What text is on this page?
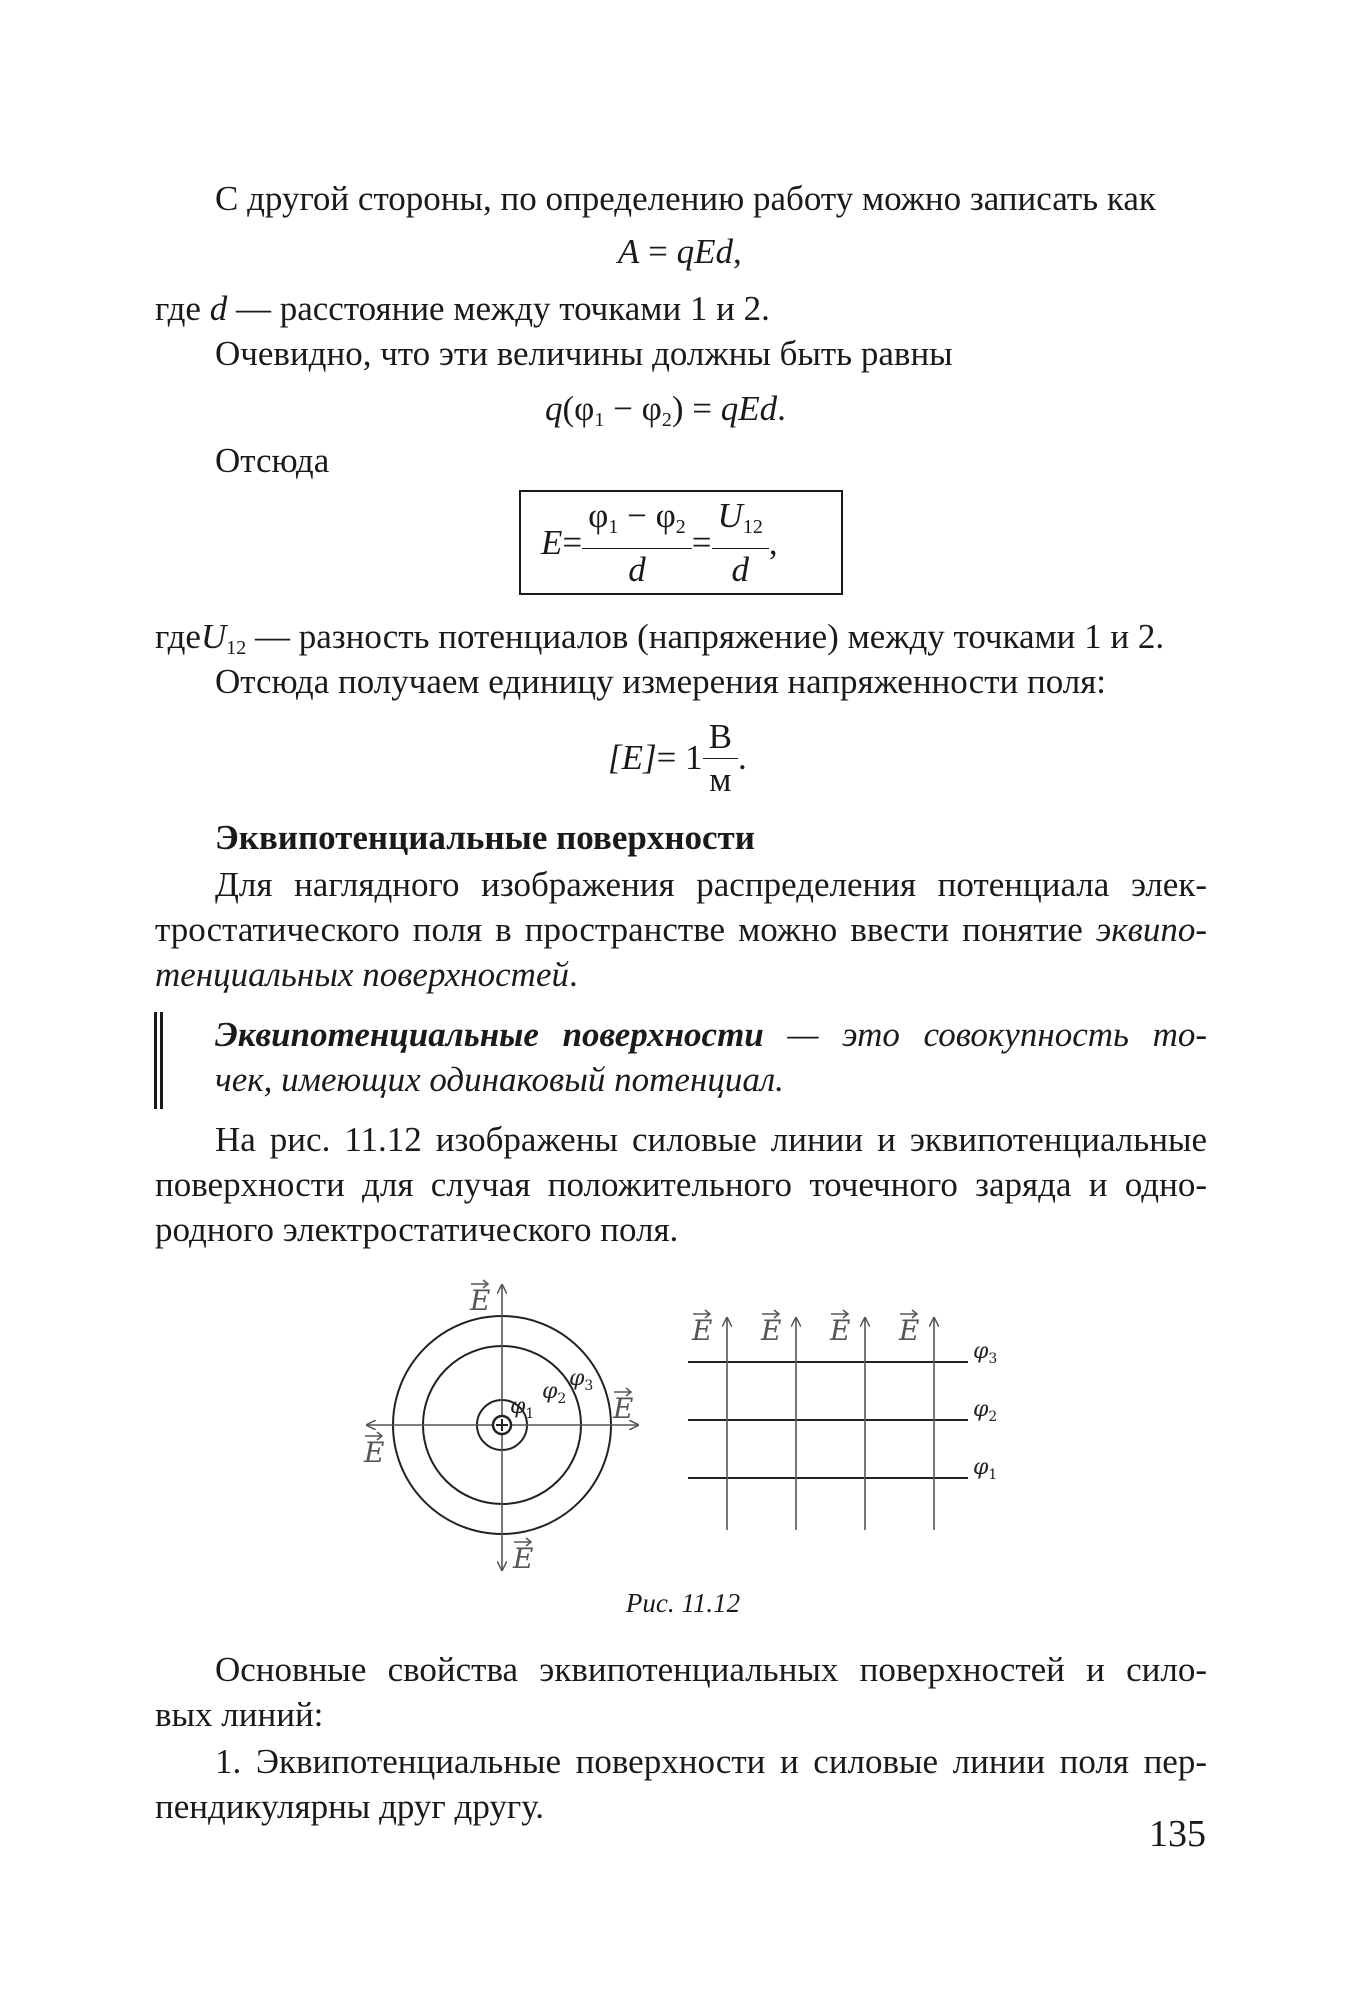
С другой стороны, по определению работу можно записать как
A = qEd,
где d — расстояние между точками 1 и 2.
Очевидно, что эти величины должны быть равны
$q(\varphi_1 - \varphi_2)$ = qEd.
Отсюда
$E = \frac{\varphi_1 - \varphi_2}{d} = \frac{U_{12}}{d}$ ,
гдеU$_{12}$ — разность потенциалов (напряжение) между точками 1 и 2.
Отсюда получаем единицу измерения напряженности поля:
$[E] = 1 \frac{В}{м}$ .
Эквипотенциальные поверхности
Для наглядного изображения распределения потенциала элек-
тростатического поля в пространстве можно ввести понятие эквипо-
тенциальных поверхностей.
Эквипотенциальные поверхности — это совокупность то-
чек, имеющих одинаковый потенциал.
На рис. 11.12 изображены силовые линии и эквипотенциальные
поверхности для случая положительного точечного заряда и одно-
родного электростатического поля.
E
E
E
E
$\varphi_1$
$\varphi_2$
$\varphi_3$
E E E E
$\varphi_3$
$\varphi_2$
$\varphi_1$
Рис. 11.12
Основные свойства эквипотенциальных поверхностей и сило-
вых линий:
1. Эквипотенциальные поверхности и силовые линии поля пер-
пендикулярны друг другу.
135
